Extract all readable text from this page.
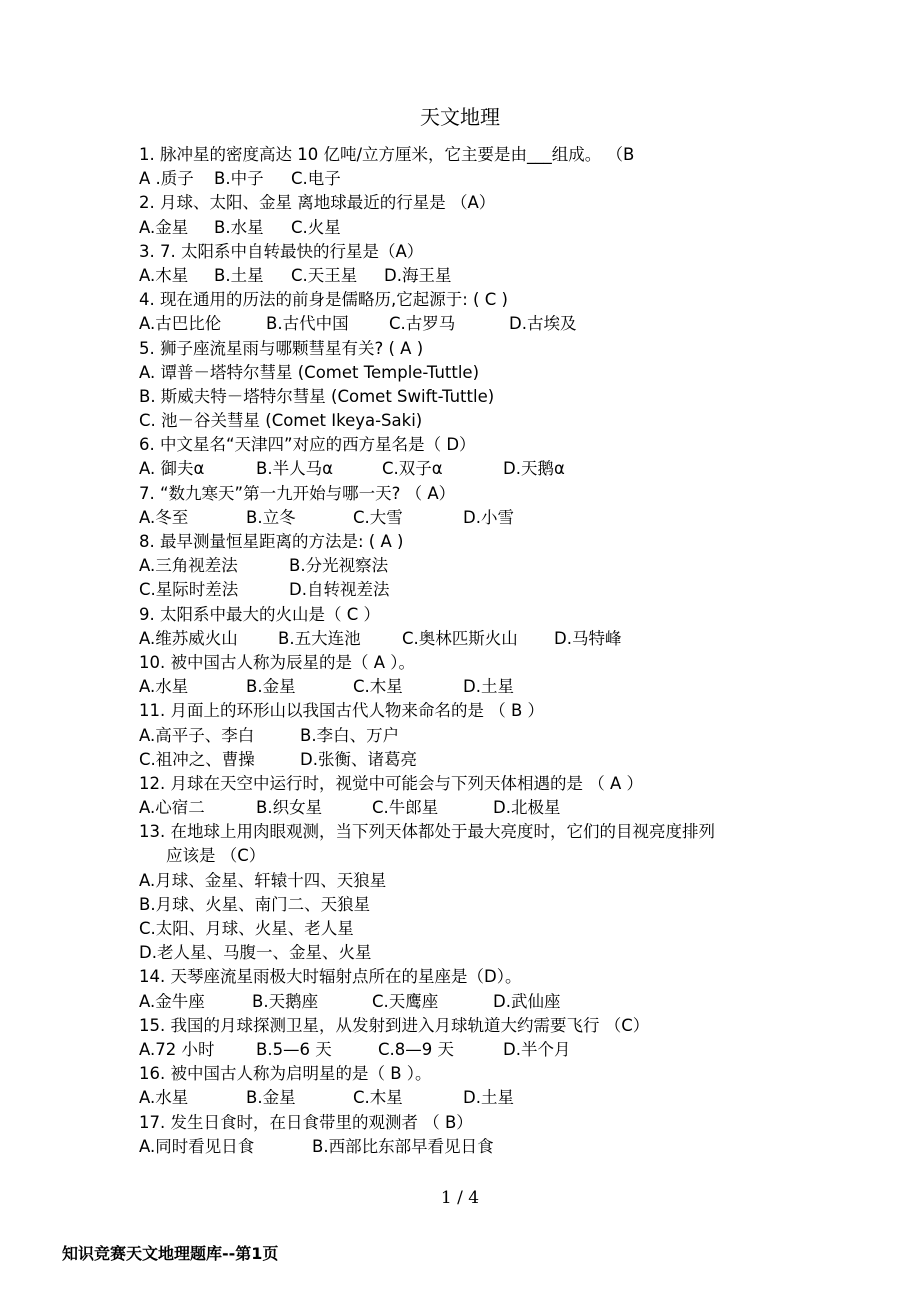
天文地理
1. 脉冲星的密度高达 10 亿吨/立方厘米，它主要是由___组成。 （B
A .质子 B.中子 C.电子
2. 月球、太阳、金星 离地球最近的行星是 （A）
A.金星 B.水星 C.火星
3. 7. 太阳系中自转最快的行星是（A）
A.木星 B.土星 C.天王星 D.海王星
4. 现在通用的历法的前身是儒略历,它起源于: ( C )
A.古巴比伦	B.古代中国 C.古罗马	D.古埃及
5. 狮子座流星雨与哪颗彗星有关? ( A )
A. 谭普－塔特尔彗星 (Comet Temple-Tuttle)
B. 斯威夫特－塔特尔彗星 (Comet Swift-Tuttle)
C. 池－谷关彗星 (Comet Ikeya-Saki)
6. 中文星名“天津四”对应的西方星名是（ D）
A. 御夫α	B.半人马α	C.双子α	D.天鹅α
7. “数九寒天”第一九开始与哪一天? （ A）
A.冬至	B.立冬	C.大雪	D.小雪
8. 最早测量恒星距离的方法是: ( A )
A.三角视差法	B.分光视察法
C.星际时差法	D.自转视差法
9. 太阳系中最大的火山是（ C ）
A.维苏威火山 B.五大连池	C.奥林匹斯火山 D.马特峰
10. 被中国古人称为辰星的是（ A ）。
A.水星	B.金星	C.木星	D.土星
11. 月面上的环形山以我国古代人物来命名的是 （ B ）
A.高平子、李白	B.李白、万户
C.祖冲之、曹操	D.张衡、诸葛亮
12. 月球在天空中运行时，视觉中可能会与下列天体相遇的是 （ A ）
A.心宿二	B.织女星	C.牛郎星	D.北极星
13. 在地球上用肉眼观测，当下列天体都处于最大亮度时，它们的目视亮度排列
应该是 （C）
A.月球、金星、轩辕十四、天狼星
B.月球、火星、南门二、天狼星
C.太阳、月球、火星、老人星
D.老人星、马腹一、金星、火星
14. 天琴座流星雨极大时辐射点所在的星座是（D）。
A.金牛座	B.天鹅座	C.天鹰座	D.武仙座
15. 我国的月球探测卫星，从发射到进入月球轨道大约需要飞行 （C）
A.72 小时	B.5—6 天	C.8—9 天	D.半个月
16. 被中国古人称为启明星的是（ B ）。
A.水星	B.金星	C.木星	D.土星
17. 发生日食时，在日食带里的观测者 （ B）
A.同时看见日食	B.西部比东部早看见日食
1 / 4
知识竞赛天文地理题库--第1页
